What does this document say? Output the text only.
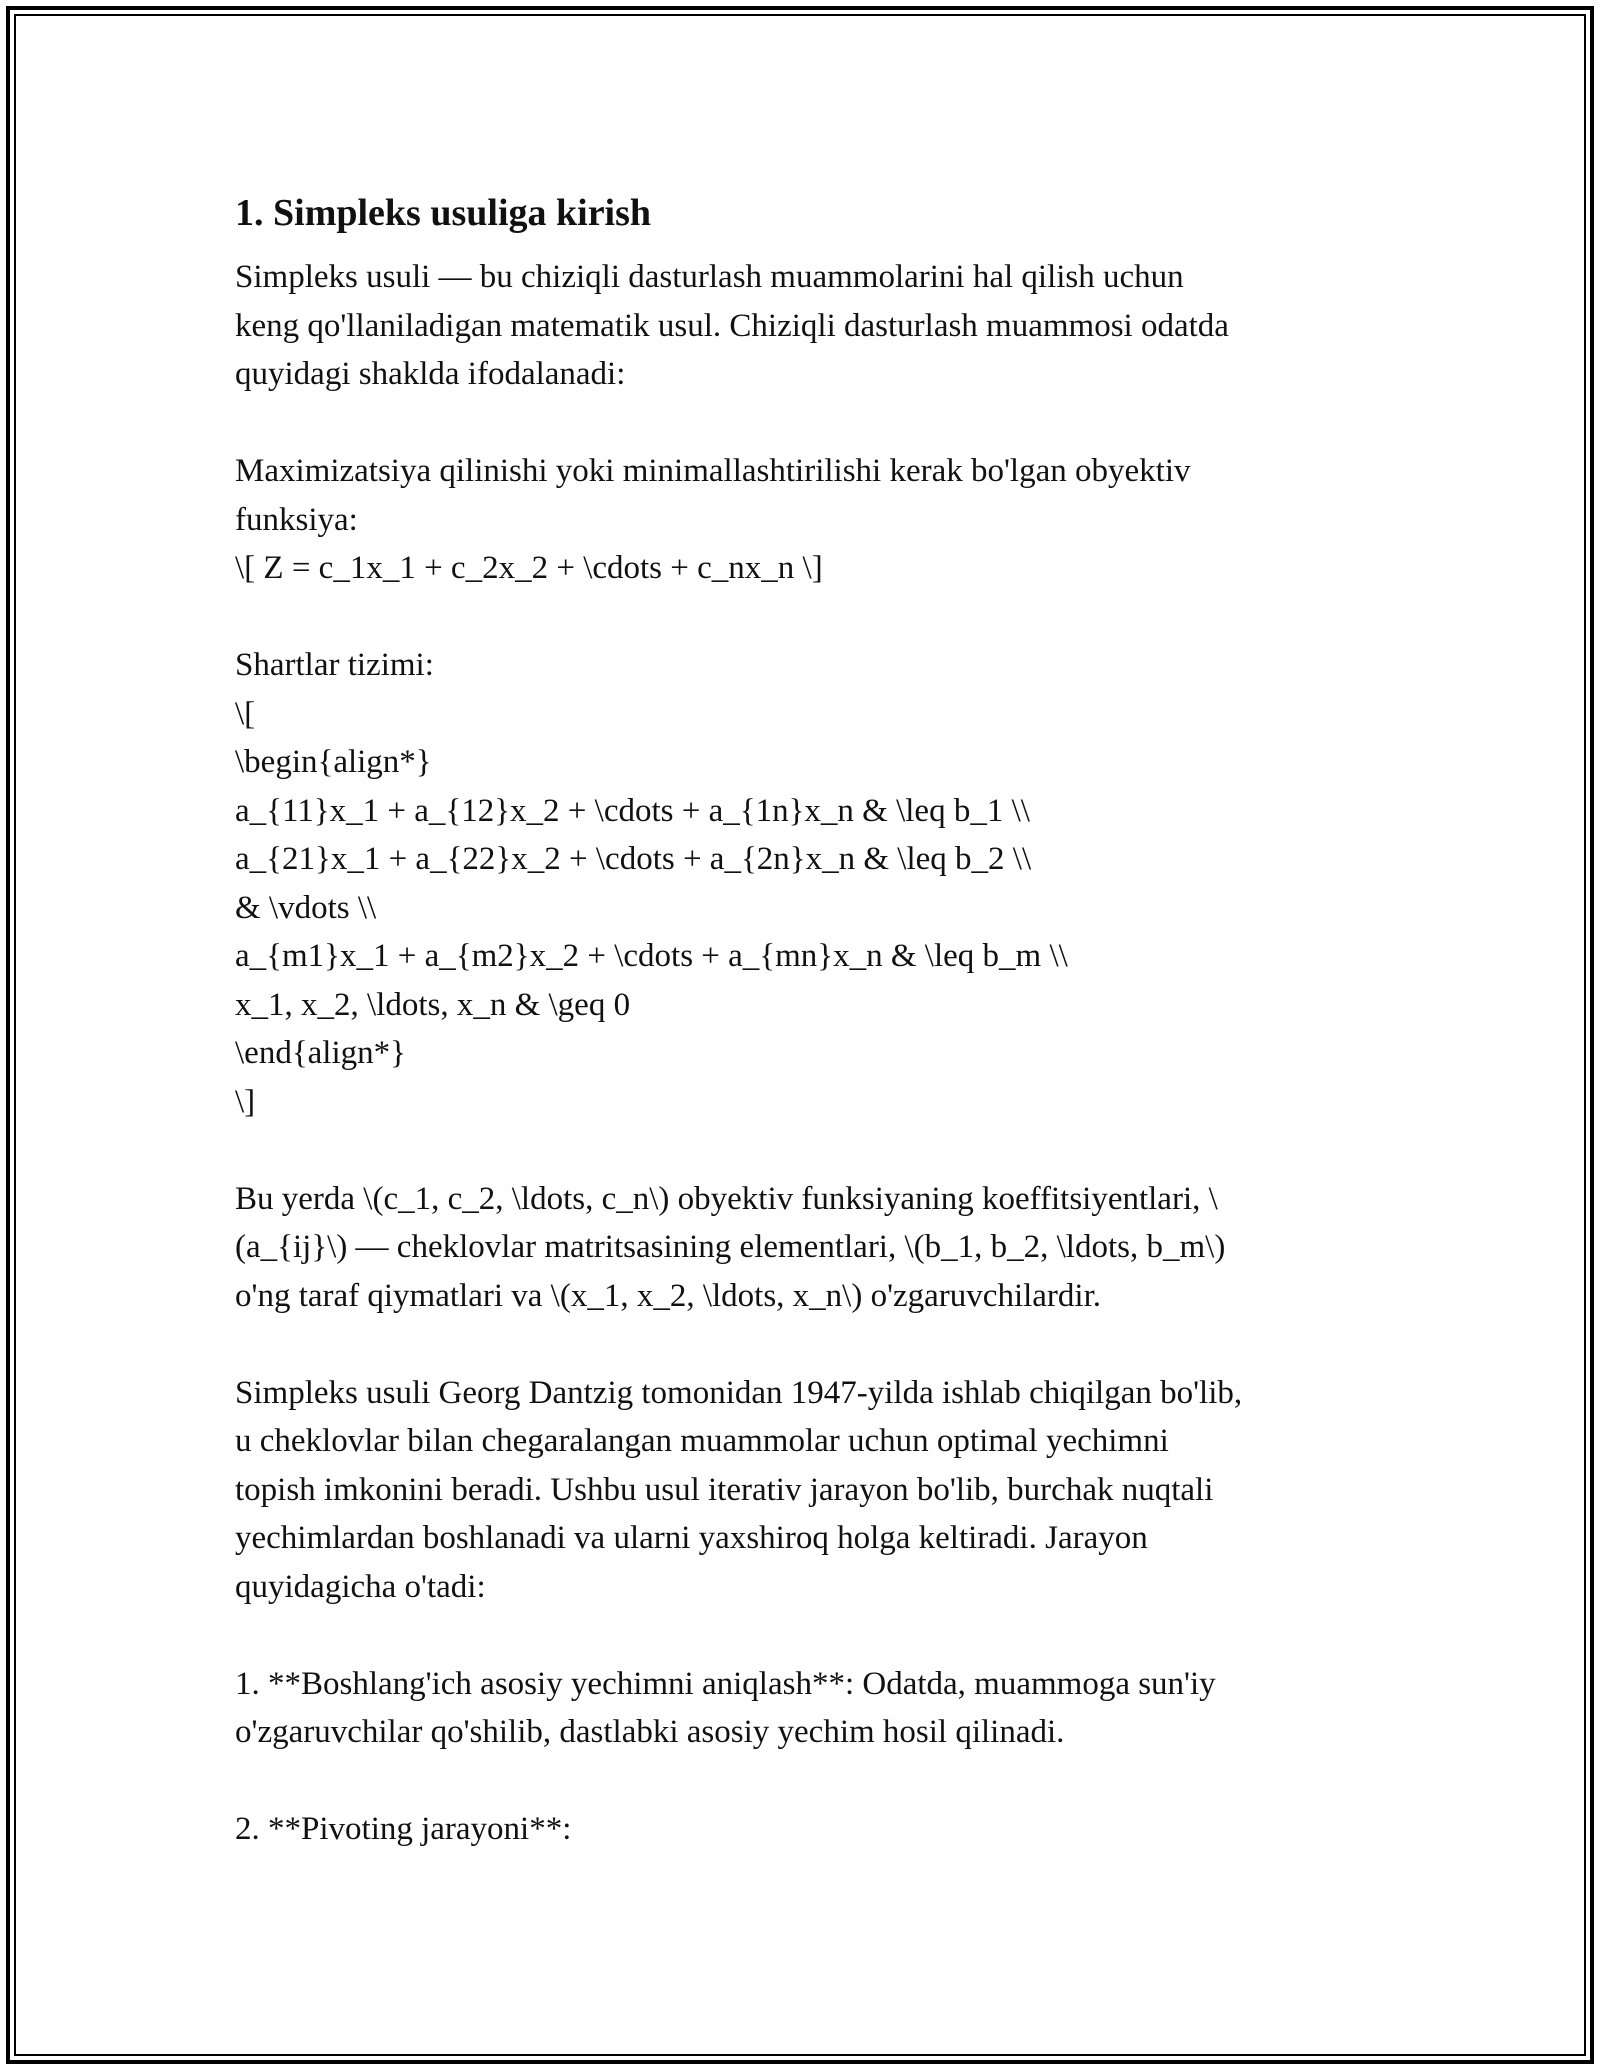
1. Simpleks usuliga kirish

Simpleks usuli — bu chiziqli dasturlash muammolarini hal qilish uchun
keng qo'llaniladigan matematik usul. Chiziqli dasturlash muammosi odatda
quyidagi shaklda ifodalanadi:

Maximizatsiya qilinishi yoki minimallashtirilishi kerak bo'lgan obyektiv
funksiya:
\[ Z = c_1x_1 + c_2x_2 + \cdots + c_nx_n \]

Shartlar tizimi:
\[
\begin{align*}
a_{11}x_1 + a_{12}x_2 + \cdots + a_{1n}x_n & \leq b_1 \\
a_{21}x_1 + a_{22}x_2 + \cdots + a_{2n}x_n & \leq b_2 \\
& \vdots \\
a_{m1}x_1 + a_{m2}x_2 + \cdots + a_{mn}x_n & \leq b_m \\
x_1, x_2, \ldots, x_n & \geq 0
\end{align*}
\]

Bu yerda \(c_1, c_2, \ldots, c_n\) obyektiv funksiyaning koeffitsiyentlari, \
(a_{ij}\) — cheklovlar matritsasining elementlari, \(b_1, b_2, \ldots, b_m\)
o'ng taraf qiymatlari va \(x_1, x_2, \ldots, x_n\) o'zgaruvchilardir.

Simpleks usuli Georg Dantzig tomonidan 1947-yilda ishlab chiqilgan bo'lib,
u cheklovlar bilan chegaralangan muammolar uchun optimal yechimni
topish imkonini beradi. Ushbu usul iterativ jarayon bo'lib, burchak nuqtali
yechimlardan boshlanadi va ularni yaxshiroq holga keltiradi. Jarayon
quyidagicha o'tadi:

1. **Boshlang'ich asosiy yechimni aniqlash**: Odatda, muammoga sun'iy
o'zgaruvchilar qo'shilib, dastlabki asosiy yechim hosil qilinadi.

2. **Pivoting jarayoni**:
